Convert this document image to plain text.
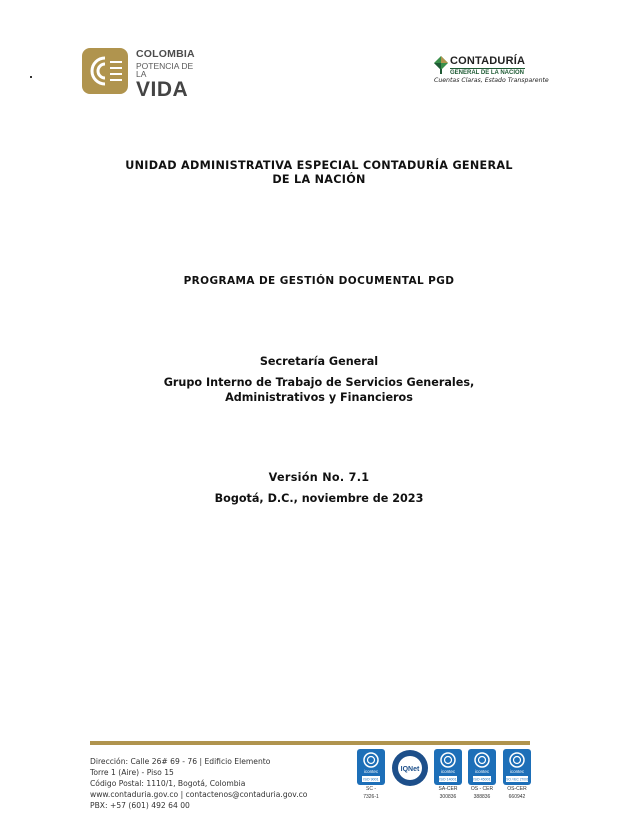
COLOMBIA
POTENCIA DE LA
VIDA
CONTADURÍA
GENERAL DE LA NACIÓN
Cuentas Claras, Estado Transparente
UNIDAD ADMINISTRATIVA ESPECIAL CONTADURÍA GENERAL
DE LA NACIÓN
PROGRAMA DE GESTIÓN DOCUMENTAL PGD
Secretaría General
Grupo Interno de Trabajo de Servicios Generales,
Administrativos y Financieros
Versión No. 7.1
Bogotá, D.C., noviembre de 2023
Dirección: Calle 26# 69 - 76 | Edificio Elemento
Torre 1 (Aire) - Piso 15
Código Postal: 1110/1, Bogotá, Colombia
www.contaduria.gov.co | contactenos@contaduria.gov.co
PBX: +57 (601) 492 64 00
icontec
ISO 9001
SC -
7326-1
IQNet	icontec
ISO 14001
SA-CER
300836
icontec
ISO 45001
OS - CER
388836
icontec
ISO / IEC 27001
OS-CER
660942
